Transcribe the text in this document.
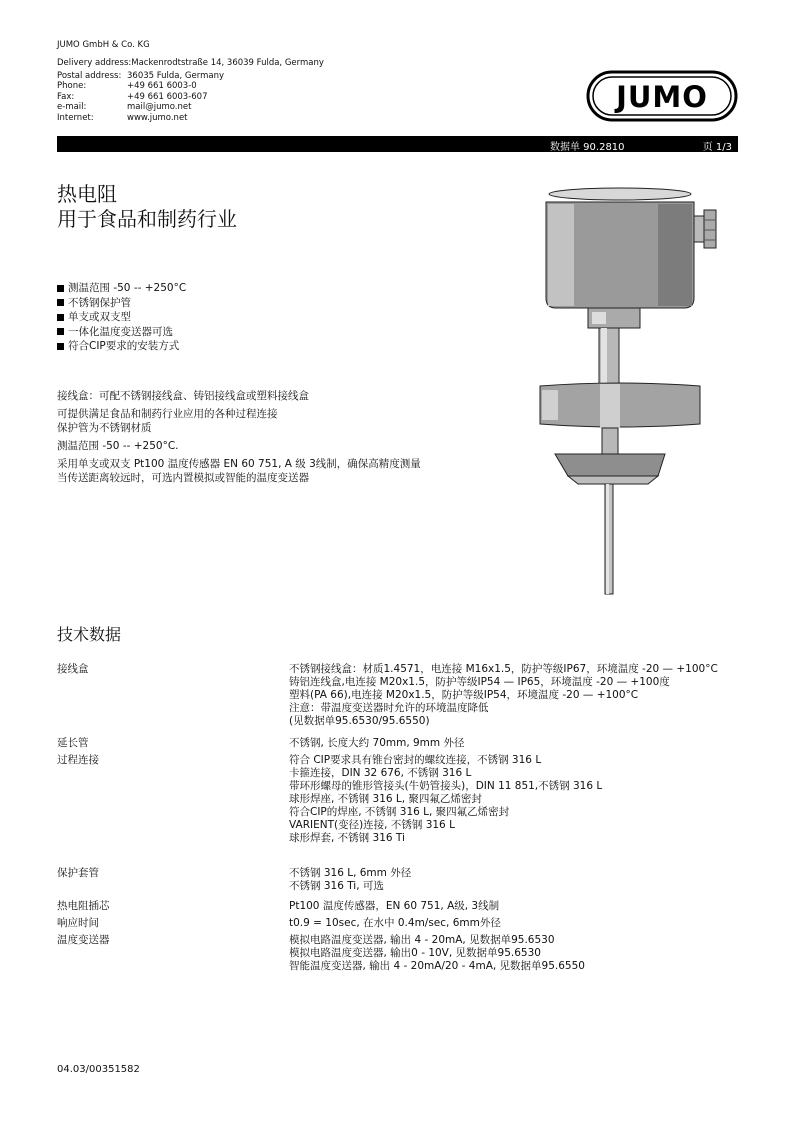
JUMO GmbH & Co. KG
Delivery address:Mackenrodtstraße 14, 36039 Fulda, Germany
Postal address: 36035 Fulda, Germany
Phone:	+49 661 6003-0
Fax:	+49 661 6003-607
e-mail:	mail@jumo.net
Internet:	www.jumo.net
JUMO
数据单 90.2810	页 1/3
热电阻
用于食品和制药行业
测温范围 -50 -- +250°C
不锈钢保护管
单支或双支型
一体化温度变送器可选
符合CIP要求的安装方式

接线盒：可配不锈钢接线盒、铸铝接线盒或塑料接线盒

可提供满足食品和制药行业应用的各种过程连接

保护管为不锈钢材质

测温范围 -50 -- +250°C.

采用单支或双支 Pt100 温度传感器 EN 60 751, A 级 3线制，确保高精度测量

当传送距离较远时，可选内置模拟或智能的温度变送器

技术数据
接线盒	不锈钢接线盒：材质1.4571，电连接 M16x1.5，防护等级IP67，环境温度 -20 — +100°C
铸铝连线盒,电连接 M20x1.5，防护等级IP54 — IP65，环境温度 -20 — +100度
塑料(PA 66),电连接 M20x1.5，防护等级IP54，环境温度 -20 — +100°C
注意：带温度变送器时允许的环境温度降低
(见数据单95.6530/95.6550)
延长管	不锈钢, 长度大约 70mm, 9mm 外径
过程连接	符合 CIP要求具有锥台密封的螺纹连接，不锈钢 316 L
卡箍连接，DIN 32 676, 不锈钢 316 L
带环形螺母的锥形管接头(牛奶管接头)，DIN 11 851,不锈钢 316 L
球形焊座, 不锈钢 316 L, 聚四氟乙烯密封
符合CIP的焊座, 不锈钢 316 L, 聚四氟乙烯密封
VARIENT(变径)连接, 不锈钢 316 L
球形焊套, 不锈钢 316 Ti
保护套管	不锈钢 316 L, 6mm 外径
不锈钢 316 Ti, 可选
热电阻插芯	Pt100 温度传感器，EN 60 751, A级, 3线制
响应时间	t0.9 = 10sec, 在水中 0.4m/sec, 6mm外径
温度变送器	模拟电路温度变送器, 输出 4 - 20mA, 见数据单95.6530
模拟电路温度变送器, 输出0 - 10V, 见数据单95.6530
智能温度变送器, 输出 4 - 20mA/20 - 4mA, 见数据单95.6550
04.03/00351582
